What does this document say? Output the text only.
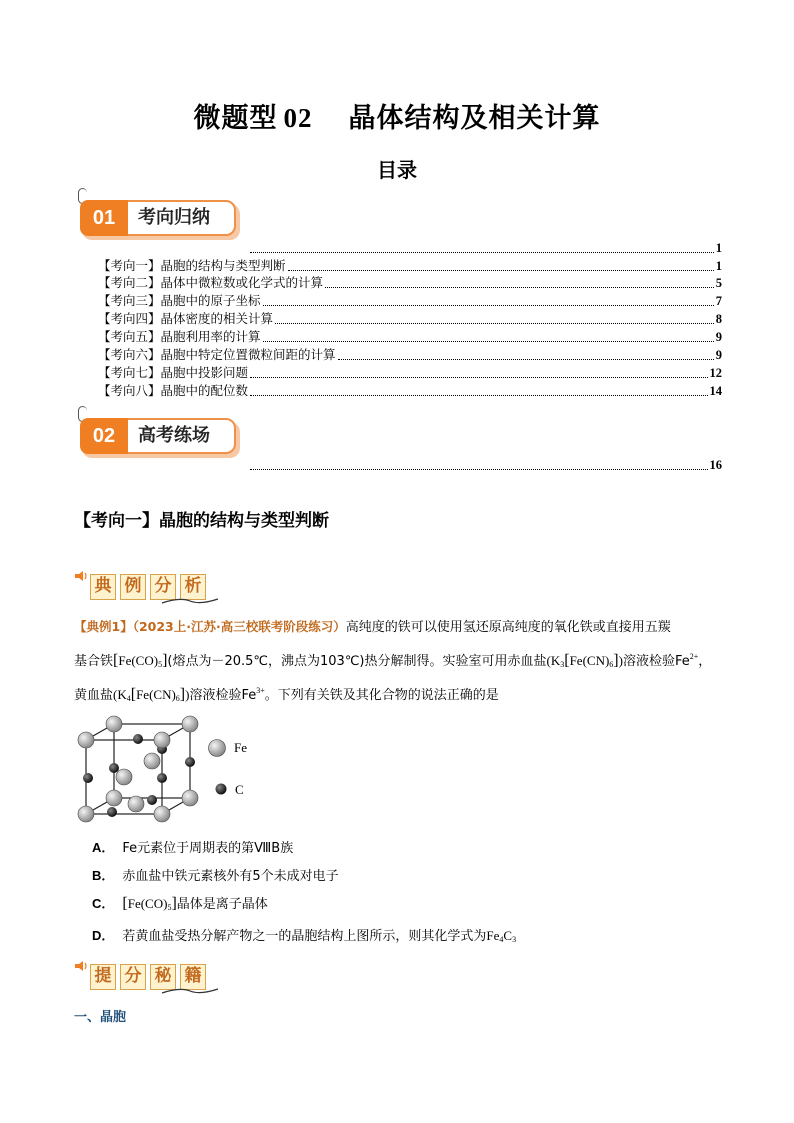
微题型 02 晶体结构及相关计算
目录
01	考向归纳
1
【考向一】晶胞的结构与类型判断	1
【考向二】晶体中微粒数或化学式的计算	5
【考向三】晶胞中的原子坐标	7
【考向四】晶体密度的相关计算	8
【考向五】晶胞利用率的计算	9
【考向六】晶胞中特定位置微粒间距的计算	9
【考向七】晶胞中投影问题	12
【考向八】晶胞中的配位数	14
02	高考练场
16
【考向一】晶胞的结构与类型判断
典 例 分 析
【典例1】（2023上·江苏·高三校联考阶段练习）高纯度的铁可以使用氢还原高纯度的氧化铁或直接用五羰
基合铁$[Fe(CO)_5]$(熔点为－20.5℃，沸点为103℃)热分解制得。实验室可用赤血盐$(K_3[Fe(CN)_6])$溶液检验$Fe^{2+}$，
黄血盐$(K_4[Fe(CN)_6])$溶液检验$Fe^{3+}$。下列有关铁及其化合物的说法正确的是
Fe
C
A． Fe元素位于周期表的第ⅧB族
B． 赤血盐中铁元素核外有5个未成对电子
C． $[Fe(CO)_5]$晶体是离子晶体
D． 若黄血盐受热分解产物之一的晶胞结构上图所示，则其化学式为$Fe_4C_3$
提 分 秘 籍
一、晶胞
